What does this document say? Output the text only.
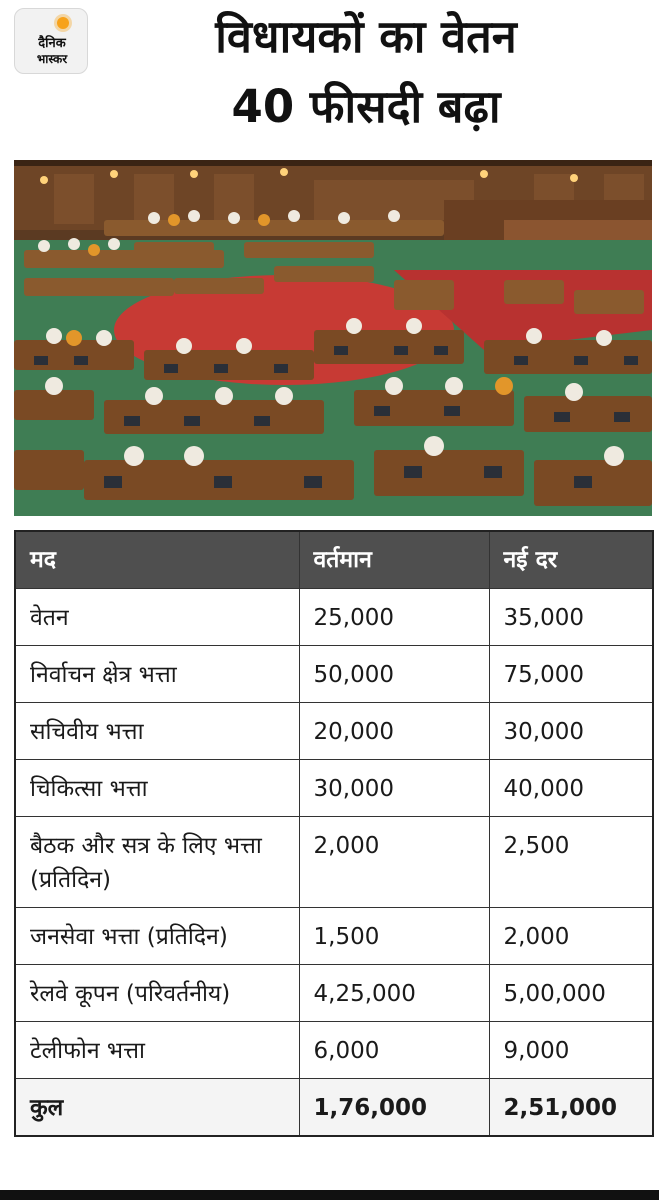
दैनिक
भास्कर	विधायकों का वेतन
40 फीसदी बढ़ा
मद	वर्तमान	नई दर
वेतन	25,000	35,000
निर्वाचन क्षेत्र भत्ता	50,000	75,000
सचिवीय भत्ता	20,000	30,000
चिकित्सा भत्ता	30,000	40,000
बैठक और सत्र के लिए भत्ता (प्रतिदिन)	2,000	2,500
जनसेवा भत्ता (प्रतिदिन)	1,500	2,000
रेलवे कूपन (परिवर्तनीय)	4,25,000	5,00,000
टेलीफोन भत्ता	6,000	9,000
कुल	1,76,000	2,51,000
